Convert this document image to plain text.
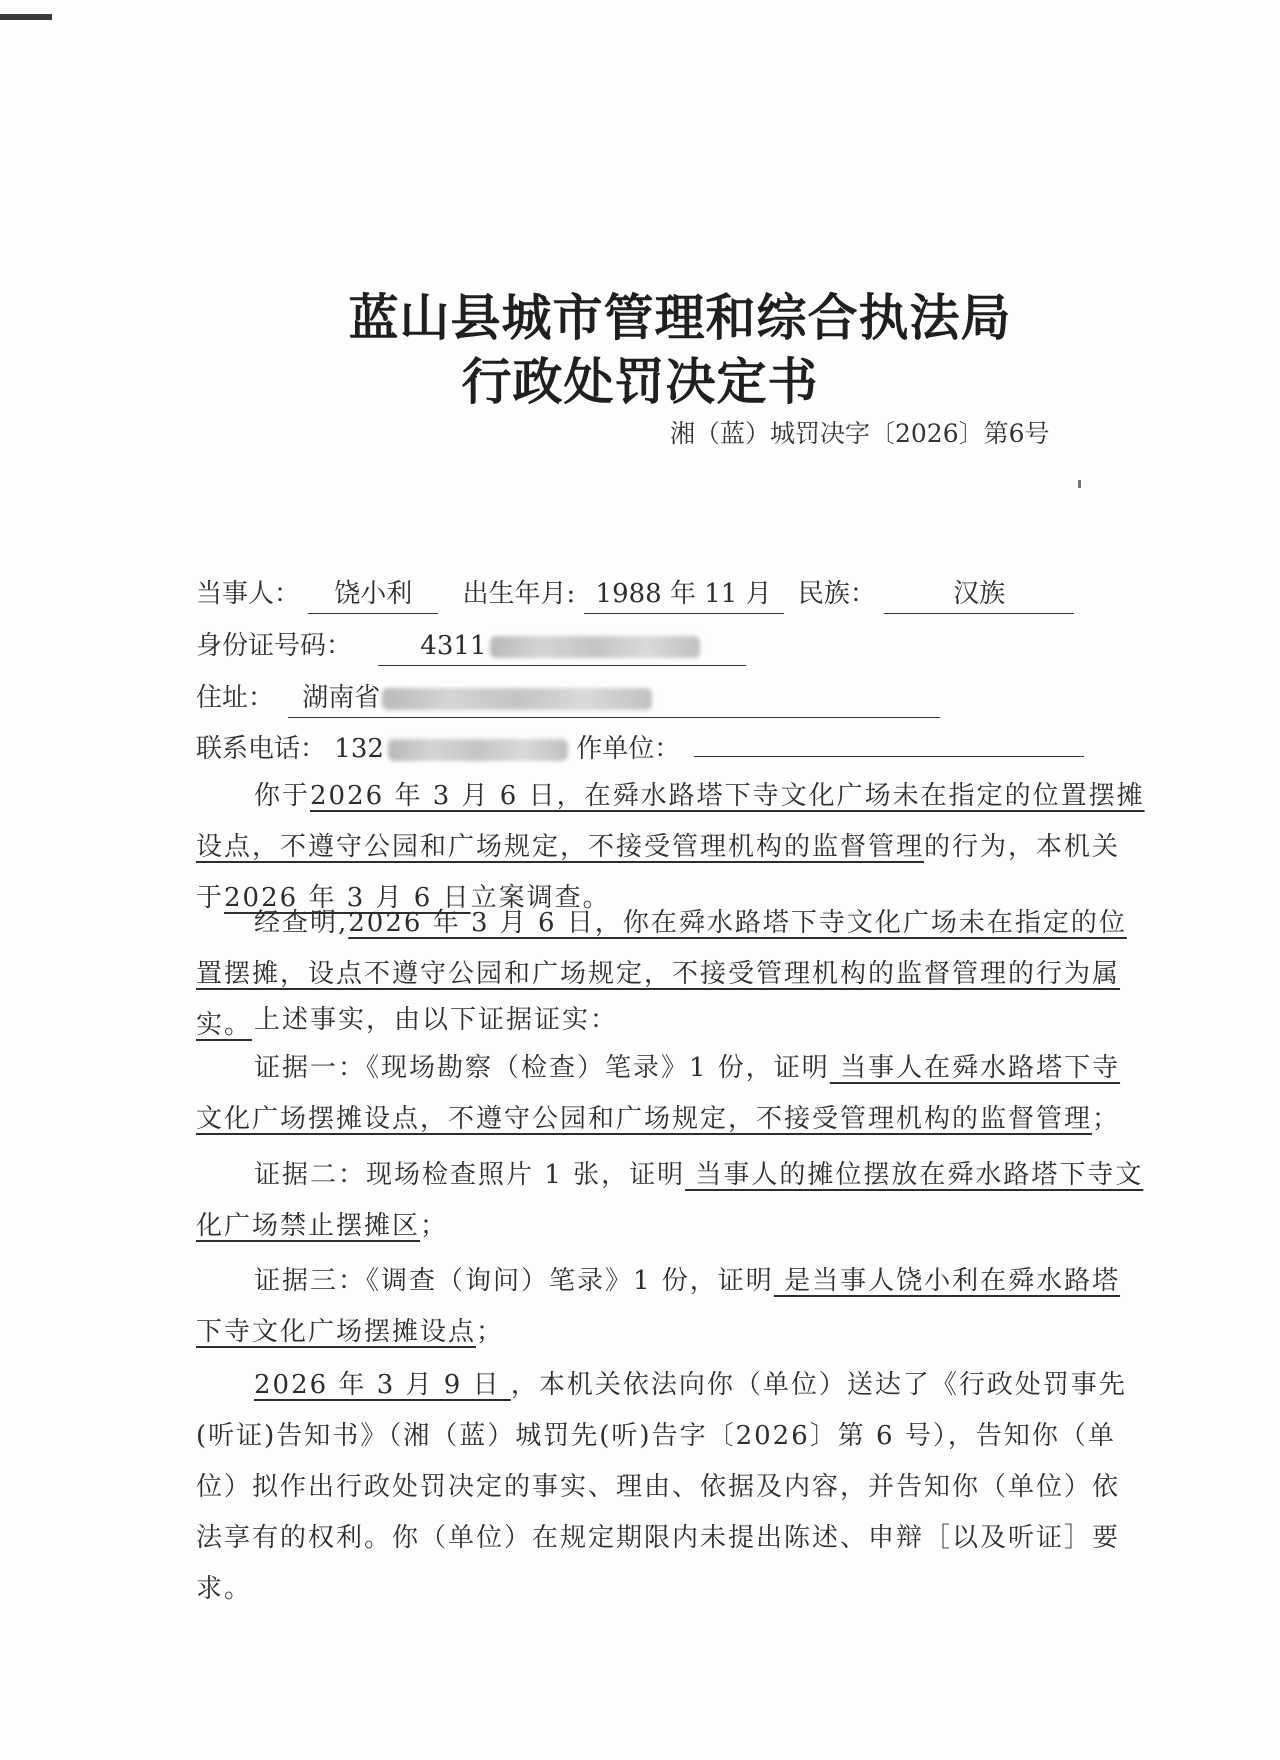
蓝山县城市管理和综合执法局
行政处罚决定书
湘（蓝）城罚决字〔2026〕第6号
当事人： 饶小利 出生年月: 1988 年 11 月 民族：	汉族
身份证号码：	4311
住址： 湖南省
联系电话： 132	作单位：
你于2026 年 3 月 6 日，在舜水路塔下寺文化广场未在指定的位置摆摊设点，不遵守公园和广场规定，不接受管理机构的监督管理的行为，本机关于2026 年 3 月 6 日立案调查。
经查明,2026 年 3 月 6 日，你在舜水路塔下寺文化广场未在指定的位置摆摊，设点不遵守公园和广场规定，不接受管理机构的监督管理的行为属实。 上述事实，由以下证据证实：
证据一：《现场勘察（检查）笔录》1 份，证明 当事人在舜水路塔下寺文化广场摆摊设点，不遵守公园和广场规定，不接受管理机构的监督管理；
证据二：现场检查照片 1 张，证明 当事人的摊位摆放在舜水路塔下寺文化广场禁止摆摊区；
证据三：《调查（询问）笔录》1 份，证明 是当事人饶小利在舜水路塔下寺文化广场摆摊设点；
2026 年 3 月 9 日 ，本机关依法向你（单位）送达了《行政处罚事先(听证)告知书》（湘（蓝）城罚先(听)告字〔2026〕第 6 号），告知你（单位）拟作出行政处罚决定的事实、理由、依据及内容，并告知你（单位）依法享有的权利。你（单位）在规定期限内未提出陈述、申辩［以及听证］要求。
